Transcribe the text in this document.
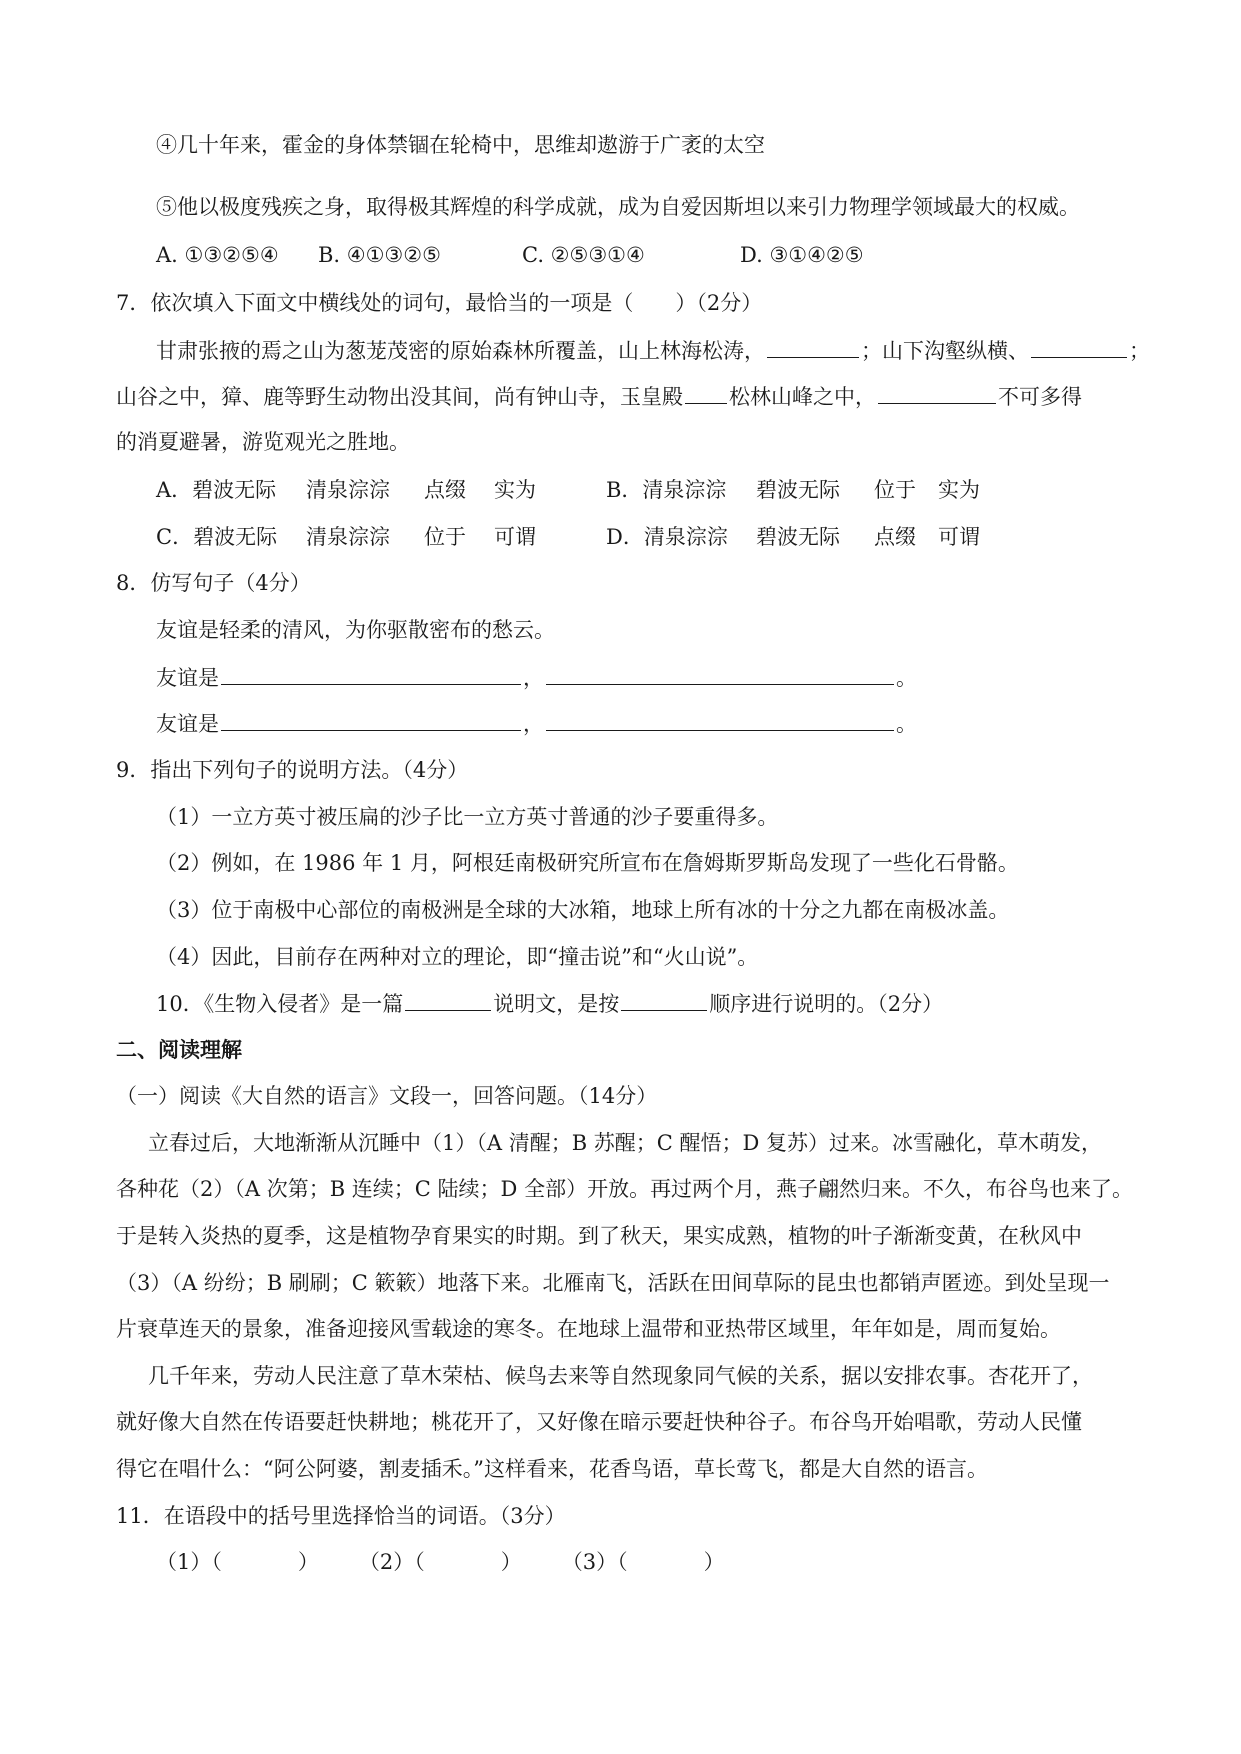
④几十年来，霍金的身体禁锢在轮椅中，思维却遨游于广袤的太空
⑤他以极度残疾之身，取得极其辉煌的科学成就，成为自爱因斯坦以来引力物理学领域最大的权威。
A. ①③②⑤④ B. ④①③②⑤	C. ②⑤③①④	D. ③①④②⑤
7．依次填入下面文中横线处的词句，最恰当的一项是（　　）（2分）
甘肃张掖的焉之山为葱茏茂密的原始森林所覆盖，山上林海松涛，	；山下沟壑纵横、	；
山谷之中，獐、鹿等野生动物出没其间，尚有钟山寺，玉皇殿 松林山峰之中，	不可多得
的消夏避暑，游览观光之胜地。
A．碧波无际 清泉淙淙 点缀 实为	B．清泉淙淙 碧波无际 位于 实为
C．碧波无际 清泉淙淙 位于 可谓	D．清泉淙淙 碧波无际 点缀 可谓
8．仿写句子（4分）
友谊是轻柔的清风，为你驱散密布的愁云。
友谊是	，	。
友谊是	，	。
9．指出下列句子的说明方法。（4分）
（1）一立方英寸被压扁的沙子比一立方英寸普通的沙子要重得多。
（2）例如，在 1986 年 1 月，阿根廷南极研究所宣布在詹姆斯罗斯岛发现了一些化石骨骼。
（3）位于南极中心部位的南极洲是全球的大冰箱，地球上所有冰的十分之九都在南极冰盖。
（4）因此，目前存在两种对立的理论，即“撞击说”和“火山说”。
10．《生物入侵者》是一篇	说明文，是按	顺序进行说明的。（2分）
二、阅读理解
（一）阅读《大自然的语言》文段一，回答问题。（14分）
立春过后，大地渐渐从沉睡中（1）（A 清醒；B 苏醒；C 醒悟；D 复苏）过来。冰雪融化，草木萌发，
各种花（2）（A 次第；B 连续；C 陆续；D 全部）开放。再过两个月，燕子翩然归来。不久，布谷鸟也来了。
于是转入炎热的夏季，这是植物孕育果实的时期。到了秋天，果实成熟，植物的叶子渐渐变黄，在秋风中
（3）（A 纷纷；B 刷刷；C 簌簌）地落下来。北雁南飞，活跃在田间草际的昆虫也都销声匿迹。到处呈现一
片衰草连天的景象，准备迎接风雪载途的寒冬。在地球上温带和亚热带区域里，年年如是，周而复始。
几千年来，劳动人民注意了草木荣枯、候鸟去来等自然现象同气候的关系，据以安排农事。杏花开了，
就好像大自然在传语要赶快耕地；桃花开了，又好像在暗示要赶快种谷子。布谷鸟开始唱歌，劳动人民懂
得它在唱什么：“阿公阿婆，割麦插禾。”这样看来，花香鸟语，草长莺飞，都是大自然的语言。
11．在语段中的括号里选择恰当的词语。（3分）
（1）（	） （2）（	） （3）（	）
